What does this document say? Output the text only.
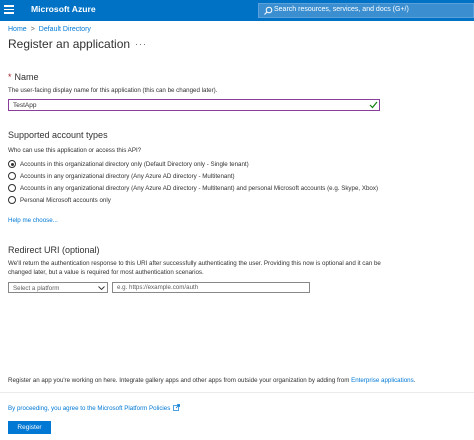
Microsoft Azure	Search resources, services, and docs (G+/)
Home > Default Directory
Register an application ···
* Name
The user-facing display name for this application (this can be changed later).
TestApp
Supported account types
Who can use this application or access this API?
Accounts in this organizational directory only (Default Directory only - Single tenant)
Accounts in any organizational directory (Any Azure AD directory - Multitenant)
Accounts in any organizational directory (Any Azure AD directory - Multitenant) and personal Microsoft accounts (e.g. Skype, Xbox)
Personal Microsoft accounts only
Help me choose...
Redirect URI (optional)
We'll return the authentication response to this URI after successfully authenticating the user. Providing this now is optional and it can be
changed later, but a value is required for most authentication scenarios.
Select a platform
e.g. https://example.com/auth
Register an app you're working on here. Integrate gallery apps and other apps from outside your organization by adding from Enterprise applications.
By proceeding, you agree to the Microsoft Platform Policies
Register
